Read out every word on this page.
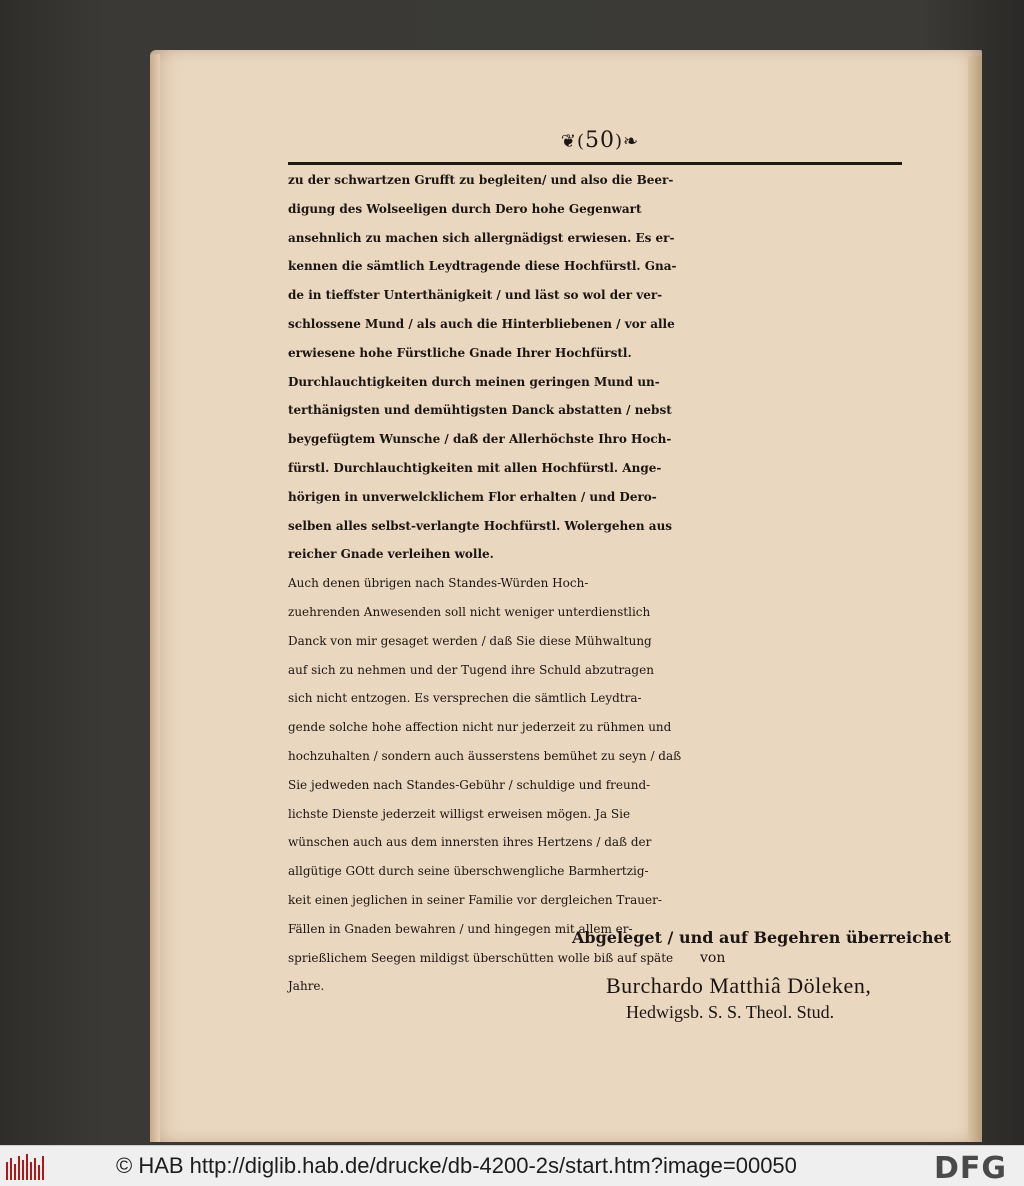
❦(50)❧
zu der schwartzen Grufft zu begleiten/ und also die Beer-
digung des Wolseeligen durch Dero hohe Gegenwart
ansehnlich zu machen sich allergnädigst erwiesen. Es er-
kennen die sämtlich Leydtragende diese Hochfürstl. Gna-
de in tieffster Unterthänigkeit / und läst so wol der ver-
schlossene Mund / als auch die Hinterbliebenen / vor alle
erwiesene hohe Fürstliche Gnade Ihrer Hochfürstl.
Durchlauchtigkeiten durch meinen geringen Mund un-
terthänigsten und demühtigsten Danck abstatten / nebst
beygefügtem Wunsche / daß der Allerhöchste Ihro Hoch-
fürstl. Durchlauchtigkeiten mit allen Hochfürstl. Ange-
hörigen in unverwelcklichem Flor erhalten / und Dero-
selben alles selbst-verlangte Hochfürstl. Wolergehen aus
reicher Gnade verleihen wolle.
Auch denen übrigen nach Standes-Würden Hoch-
zuehrenden Anwesenden soll nicht weniger unterdienstlich
Danck von mir gesaget werden / daß Sie diese Mühwaltung
auf sich zu nehmen und der Tugend ihre Schuld abzutragen
sich nicht entzogen. Es versprechen die sämtlich Leydtra-
gende solche hohe affection nicht nur jederzeit zu rühmen und
hochzuhalten / sondern auch äusserstens bemühet zu seyn / daß
Sie jedweden nach Standes-Gebühr / schuldige und freund-
lichste Dienste jederzeit willigst erweisen mögen. Ja Sie
wünschen auch aus dem innersten ihres Hertzens / daß der
allgütige GOtt durch seine überschwengliche Barmhertzig-
keit einen jeglichen in seiner Familie vor dergleichen Trauer-
Fällen in Gnaden bewahren / und hingegen mit allem er-
sprießlichem Seegen mildigst überschütten wolle biß auf späte
Jahre.
Abgeleget / und auf Begehren überreichet
von
Burchardo Matthiâ Döleken,
Hedwigsb. S. S. Theol. Stud.
© HAB http://diglib.hab.de/drucke/db-4200-2s/start.htm?image=00050	DFG
